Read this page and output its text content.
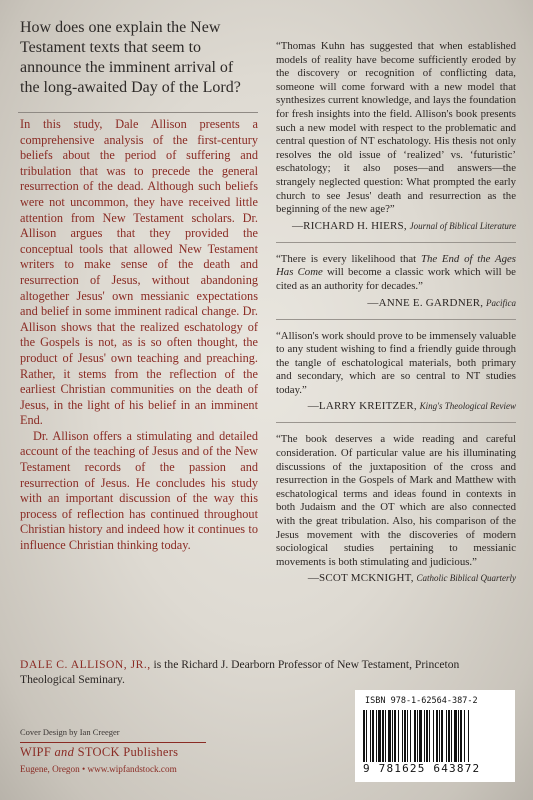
How does one explain the New Testament texts that seem to announce the imminent arrival of the long-awaited Day of the Lord?

In this study, Dale Allison presents a comprehensive analysis of the first-century beliefs about the period of suffering and tribulation that was to precede the general resurrection of the dead. Although such beliefs were not uncommon, they have received little attention from New Testament scholars. Dr. Allison argues that they provided the conceptual tools that allowed New Testament writers to make sense of the death and resurrection of Jesus, without abandoning altogether Jesus' own messianic expectations and belief in some imminent radical change. Dr. Allison shows that the realized eschatology of the Gospels is not, as is so often thought, the product of Jesus' own teaching and preaching. Rather, it stems from the reflection of the earliest Christian communities on the death of Jesus, in the light of his belief in an imminent End.

Dr. Allison offers a stimulating and detailed account of the teaching of Jesus and of the New Testament records of the passion and resurrection of Jesus. He concludes his study with an important discussion of the way this process of reflection has continued throughout Christian history and indeed how it continues to influence Christian thinking today.

“Thomas Kuhn has suggested that when established models of reality have become sufficiently eroded by the discovery or recognition of conflicting data, someone will come forward with a new model that synthesizes current knowledge, and lays the foundation for fresh insights into the field. Allison's book presents such a new model with respect to the problematic and central question of NT eschatology. His thesis not only resolves the old issue of ‘realized’ vs. ‘futuristic’ eschatology; it also poses—and answers—the strangely neglected question: What prompted the early church to see Jesus' death and resurrection as the beginning of the new age?”

—RICHARD H. HIERS, Journal of Biblical Literature

“There is every likelihood that The End of the Ages Has Come will become a classic work which will be cited as an authority for decades.”

—ANNE E. GARDNER, Pacifica

“Allison's work should prove to be immensely valuable to any student wishing to find a friendly guide through the tangle of eschatological materials, both primary and secondary, which are so central to NT studies today.”

—LARRY KREITZER, King's Theological Review

“The book deserves a wide reading and careful consideration. Of particular value are his illuminating discussions of the juxtaposition of the cross and resurrection in the Gospels of Mark and Matthew with eschatological terms and ideas found in contexts in both Judaism and the OT which are also connected with the great tribulation. Also, his comparison of the Jesus movement with the discoveries of modern sociological studies pertaining to messianic movements is both stimulating and judicious.”

—SCOT MCKNIGHT, Catholic Biblical Quarterly

DALE C. ALLISON, JR., is the Richard J. Dearborn Professor of New Testament, Princeton Theological Seminary.

Cover Design by Ian Creeger
WIPF and STOCK Publishers
Eugene, Oregon • www.wipfandstock.com
ISBN 978-1-62564-387-2
9 781625 643872
